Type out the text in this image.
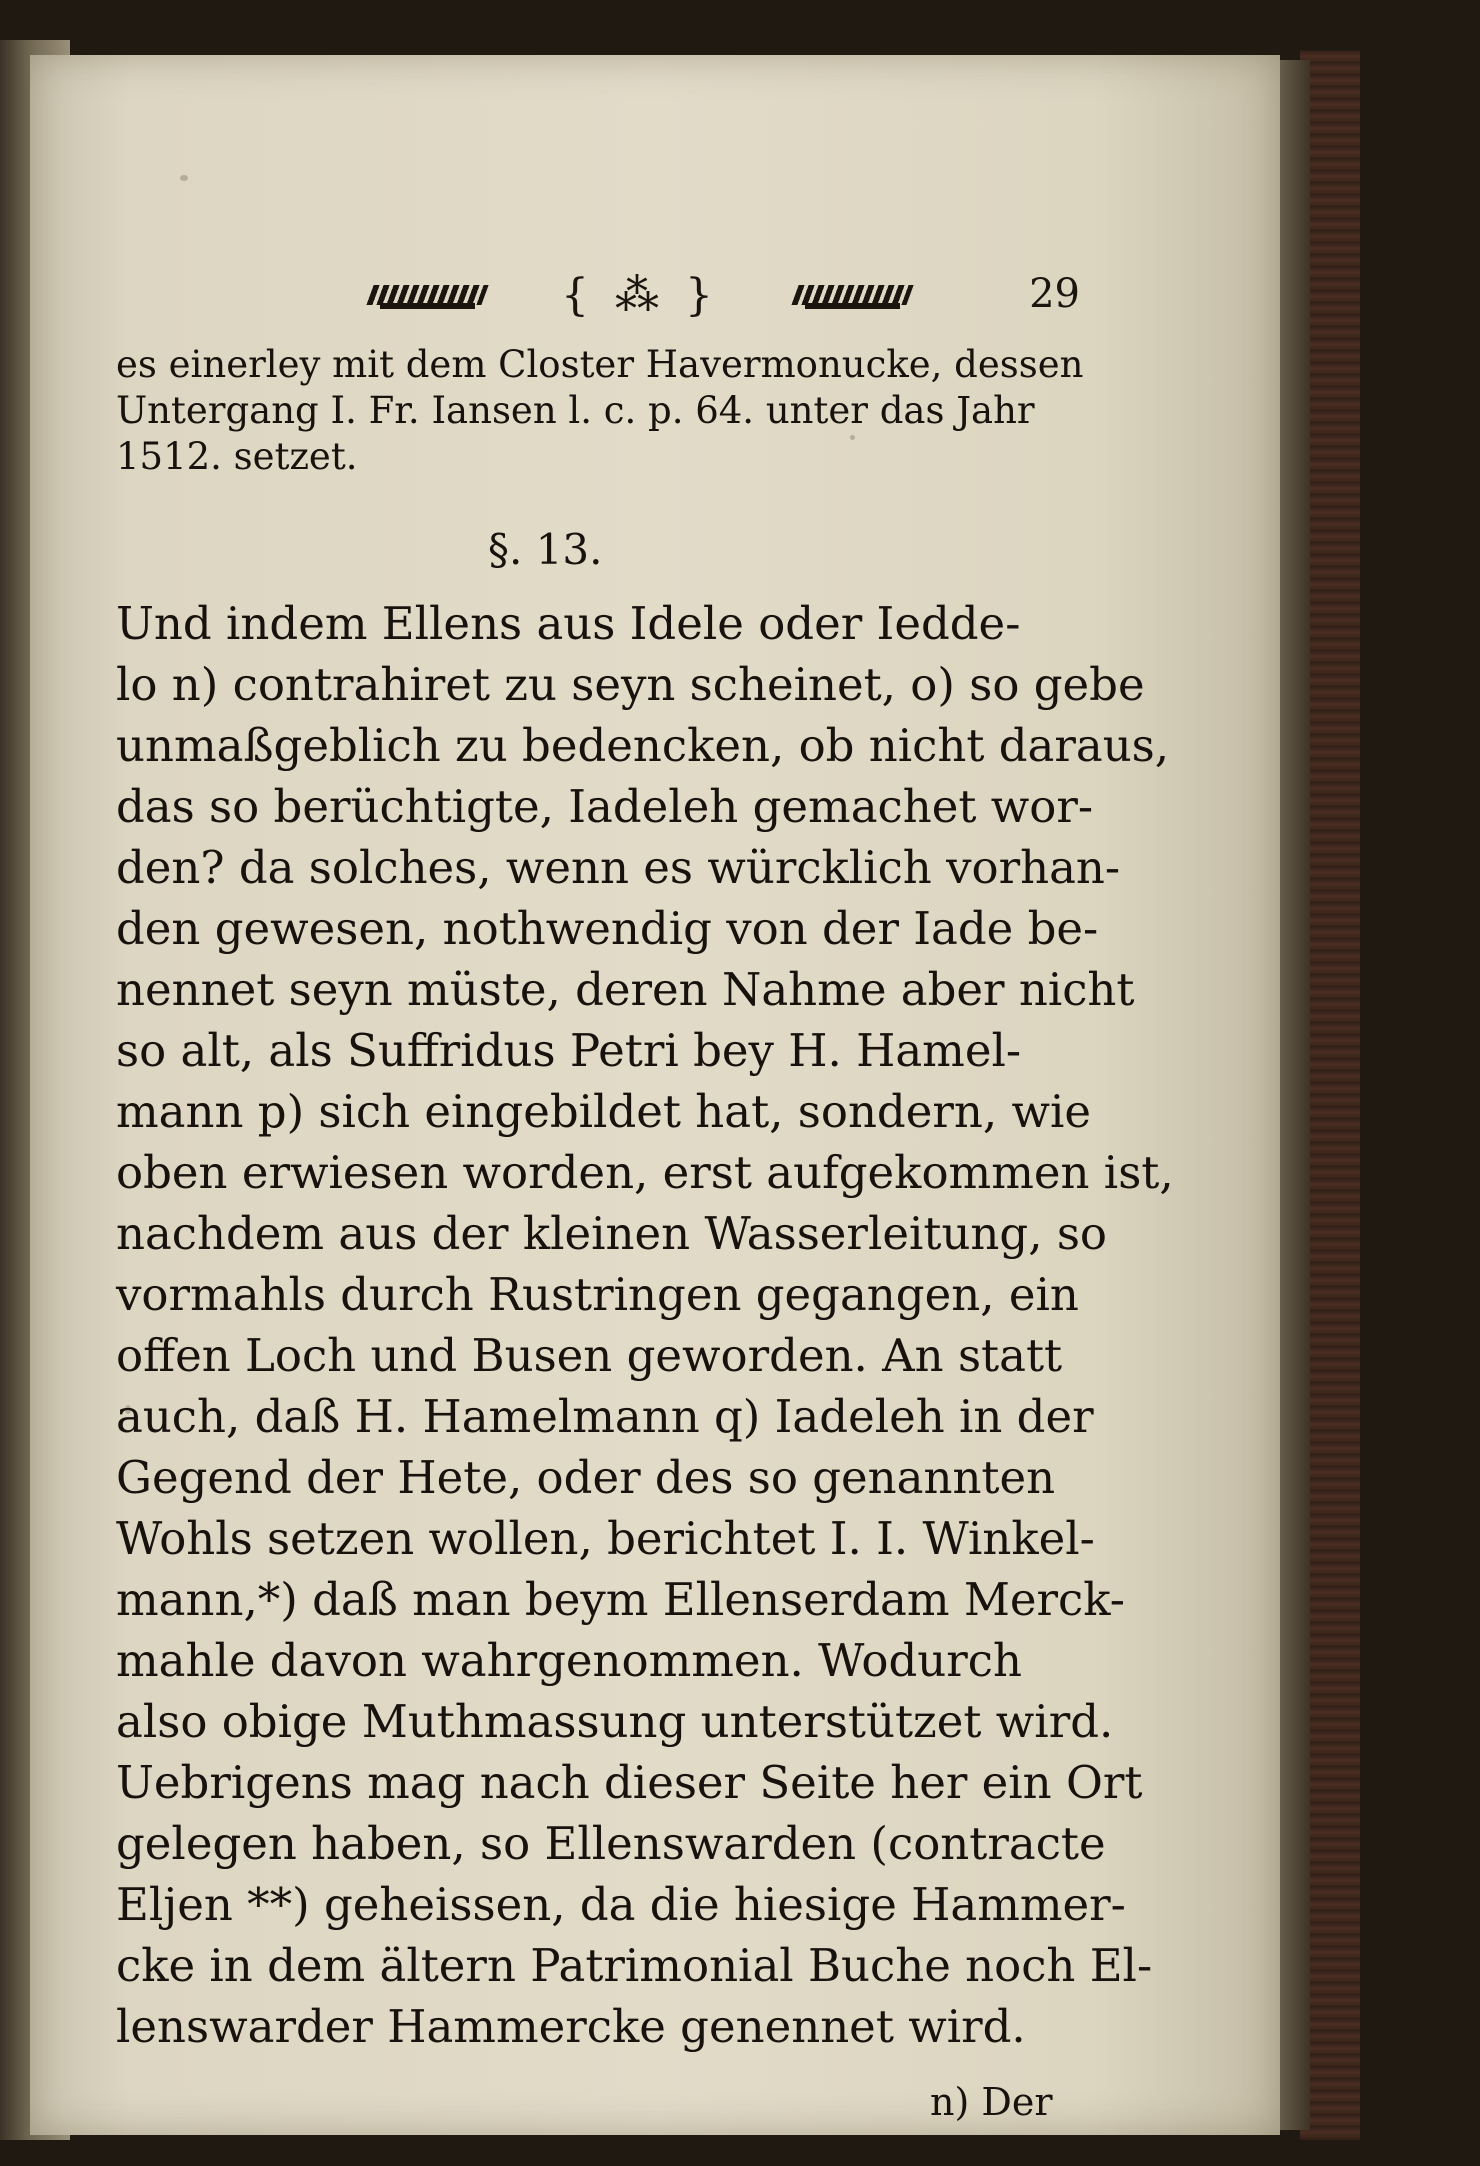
{ ⁂ }	29
es einerley mit dem Closter Havermonucke, dessen
Untergang I. Fr. Iansen l. c. p. 64. unter das Jahr
1512. setzet.
§. 13.
Und indem Ellens aus Idele oder Iedde-
lo n) contrahiret zu seyn scheinet, o) so gebe
unmaßgeblich zu bedencken, ob nicht daraus,
das so berüchtigte, Iadeleh gemachet wor-
den? da solches, wenn es würcklich vorhan-
den gewesen, nothwendig von der Iade be-
nennet seyn müste, deren Nahme aber nicht
so alt, als Suffridus Petri bey H. Hamel-
mann p) sich eingebildet hat, sondern, wie
oben erwiesen worden, erst aufgekommen ist,
nachdem aus der kleinen Wasserleitung, so
vormahls durch Rustringen gegangen, ein
offen Loch und Busen geworden. An statt
auch, daß H. Hamelmann q) Iadeleh in der
Gegend der Hete, oder des so genannten
Wohls setzen wollen, berichtet I. I. Winkel-
mann,*) daß man beym Ellenserdam Merck-
mahle davon wahrgenommen. Wodurch
also obige Muthmassung unterstützet wird.
Uebrigens mag nach dieser Seite her ein Ort
gelegen haben, so Ellenswarden (contracte
Eljen **) geheissen, da die hiesige Hammer-
cke in dem ältern Patrimonial Buche noch El-
lenswarder Hammercke genennet wird.
n) Der
